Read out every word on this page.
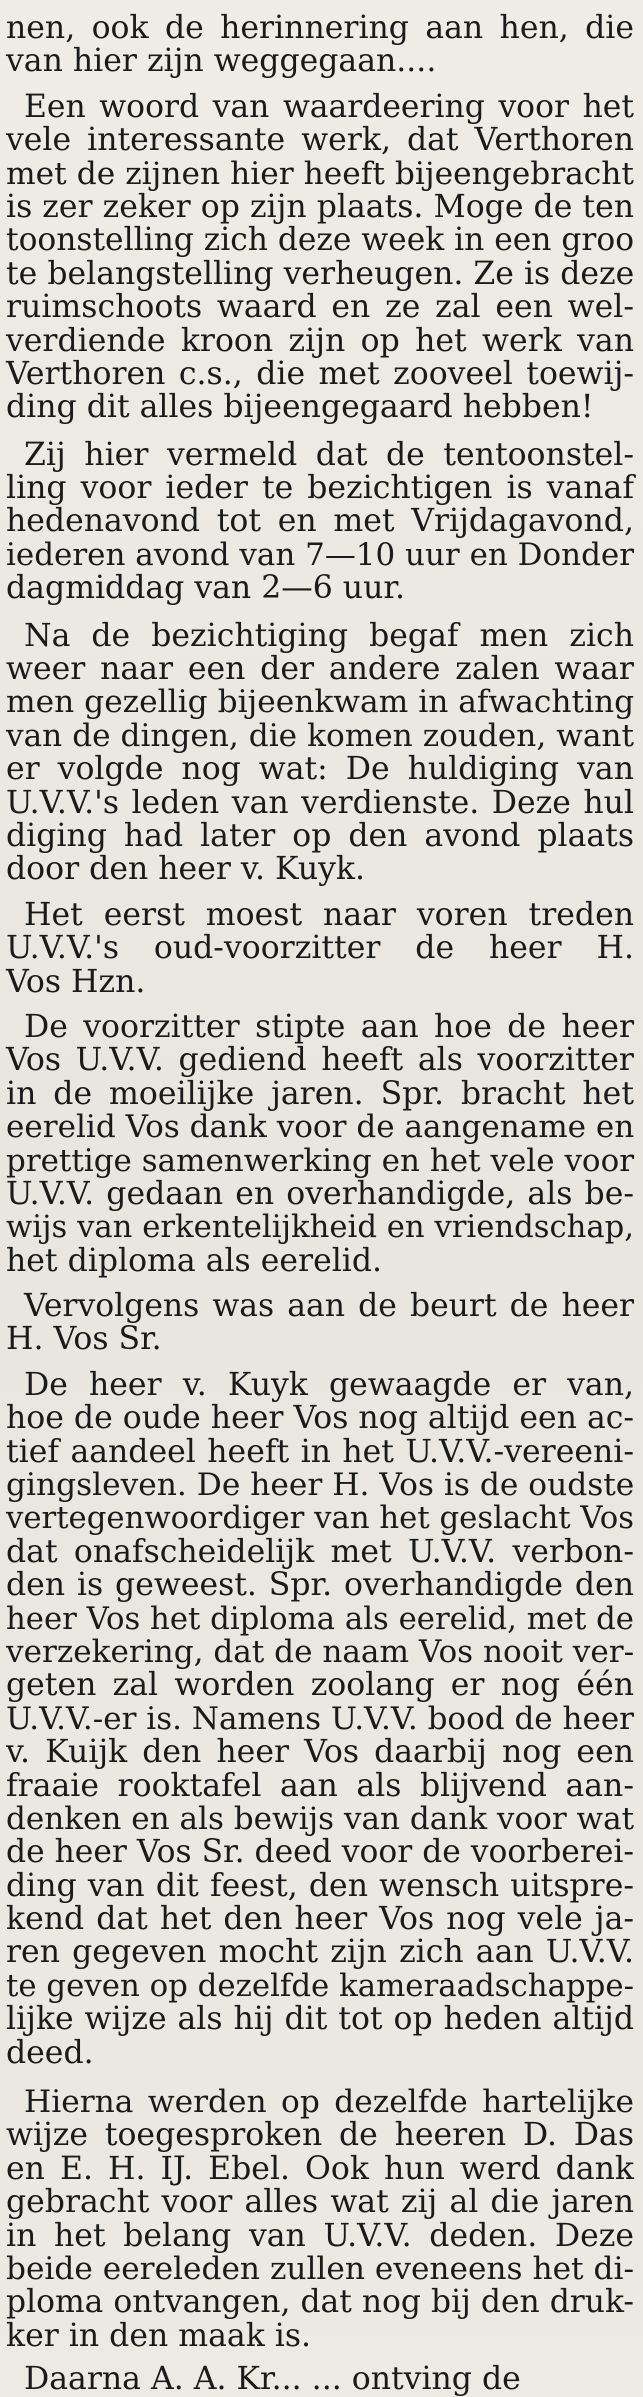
nen, ook de herinnering aan hen, die
van hier zijn weggegaan....
Een woord van waardeering voor het
vele interessante werk, dat Verthoren
met de zijnen hier heeft bijeengebracht
is zer zeker op zijn plaats. Moge de ten
toonstelling zich deze week in een groo
te belangstelling verheugen. Ze is deze
ruimschoots waard en ze zal een wel-
verdiende kroon zijn op het werk van
Verthoren c.s., die met zooveel toewij-
ding dit alles bijeengegaard hebben!
Zij hier vermeld dat de tentoonstel-
ling voor ieder te bezichtigen is vanaf
hedenavond tot en met Vrijdagavond,
iederen avond van 7—10 uur en Donder
dagmiddag van 2—6 uur.
Na de bezichtiging begaf men zich
weer naar een der andere zalen waar
men gezellig bijeenkwam in afwachting
van de dingen, die komen zouden, want
er volgde nog wat: De huldiging van
U.V.V.'s leden van verdienste. Deze hul
diging had later op den avond plaats
door den heer v. Kuyk.
Het eerst moest naar voren treden
U.V.V.'s oud-voorzitter de heer H.
Vos Hzn.
De voorzitter stipte aan hoe de heer
Vos U.V.V. gediend heeft als voorzitter
in de moeilijke jaren. Spr. bracht het
eerelid Vos dank voor de aangename en
prettige samenwerking en het vele voor
U.V.V. gedaan en overhandigde, als be-
wijs van erkentelijkheid en vriendschap,
het diploma als eerelid.
Vervolgens was aan de beurt de heer
H. Vos Sr.
De heer v. Kuyk gewaagde er van,
hoe de oude heer Vos nog altijd een ac-
tief aandeel heeft in het U.V.V.-vereeni-
gingsleven. De heer H. Vos is de oudste
vertegenwoordiger van het geslacht Vos
dat onafscheidelijk met U.V.V. verbon-
den is geweest. Spr. overhandigde den
heer Vos het diploma als eerelid, met de
verzekering, dat de naam Vos nooit ver-
geten zal worden zoolang er nog één
U.V.V.-er is. Namens U.V.V. bood de heer
v. Kuijk den heer Vos daarbij nog een
fraaie rooktafel aan als blijvend aan-
denken en als bewijs van dank voor wat
de heer Vos Sr. deed voor de voorberei-
ding van dit feest, den wensch uitspre-
kend dat het den heer Vos nog vele ja-
ren gegeven mocht zijn zich aan U.V.V.
te geven op dezelfde kameraadschappe-
lijke wijze als hij dit tot op heden altijd
deed.
Hierna werden op dezelfde hartelijke
wijze toegesproken de heeren D. Das
en E. H. IJ. Ebel. Ook hun werd dank
gebracht voor alles wat zij al die jaren
in het belang van U.V.V. deden. Deze
beide eereleden zullen eveneens het di-
ploma ontvangen, dat nog bij den druk-
ker in den maak is.
Daarna A. A. Kr... ... ontving de
